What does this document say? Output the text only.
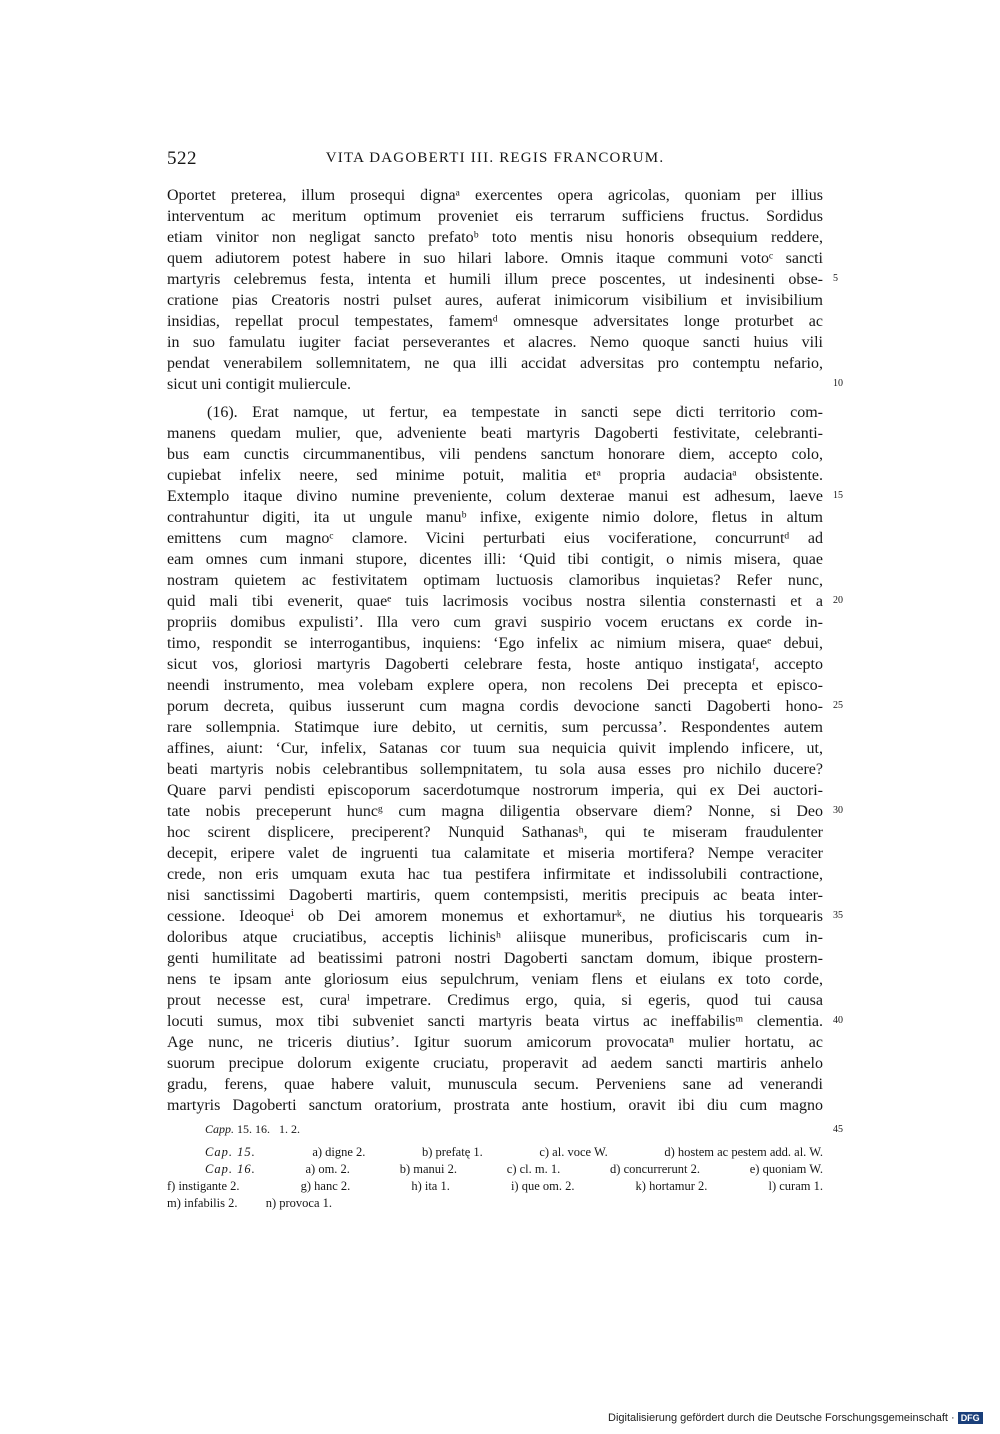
522	VITA DAGOBERTI III. REGIS FRANCORUM.
Oportet preterea, illum prosequi dignaᵃ exercentes opera agricolas, quoniam per illius
interventum ac meritum optimum proveniet eis terrarum sufficiens fructus. Sordidus
etiam vinitor non negligat sancto prefatoᵇ toto mentis nisu honoris obsequium reddere,
quem adiutorem potest habere in suo hilari labore. Omnis itaque communi votoᶜ sancti
martyris celebremus festa, intenta et humili illum prece poscentes, ut indesinenti obse- 5
cratione pias Creatoris nostri pulset aures, auferat inimicorum visibilium et invisibilium
insidias, repellat procul tempestates, famemᵈ omnesque adversitates longe proturbet ac
in suo famulatu iugiter faciat perseverantes et alacres. Nemo quoque sancti huius vili
pendat venerabilem sollemnitatem, ne qua illi accidat adversitas pro contemptu nefario,
sicut uni contigit muliercule.	10
(16). Erat namque, ut fertur, ea tempestate in sancti sepe dicti territorio com-
manens quedam mulier, que, adveniente beati martyris Dagoberti festivitate, celebranti-
bus eam cunctis circummanentibus, vili pendens sanctum honorare diem, accepto colo,
cupiebat infelix neere, sed minime potuit, malitia etᵃ propria audaciaᵃ obsistente.
Extemplo itaque divino numine preveniente, colum dexterae manui est adhesum, laeve 15
contrahuntur digiti, ita ut ungule manuᵇ infixe, exigente nimio dolore, fletus in altum
emittens cum magnoᶜ clamore. Vicini perturbati eius vociferatione, concurruntᵈ ad
eam omnes cum inmani stupore, dicentes illi: ‘Quid tibi contigit, o nimis misera, quae
nostram quietem ac festivitatem optimam luctuosis clamoribus inquietas? Refer nunc,
quid mali tibi evenerit, quaeᵉ tuis lacrimosis vocibus nostra silentia consternasti et a 20
propriis domibus expulisti’. Illa vero cum gravi suspirio vocem eructans ex corde in-
timo, respondit se interrogantibus, inquiens: ‘Ego infelix ac nimium misera, quaeᵉ debui,
sicut vos, gloriosi martyris Dagoberti celebrare festa, hoste antiquo instigataᶠ, accepto
neendi instrumento, mea volebam explere opera, non recolens Dei precepta et episco-
porum decreta, quibus iusserunt cum magna cordis devocione sancti Dagoberti hono- 25
rare sollempnia. Statimque iure debito, ut cernitis, sum percussa’. Respondentes autem
affines, aiunt: ‘Cur, infelix, Satanas cor tuum sua nequicia quivit implendo inficere, ut,
beati martyris nobis celebrantibus sollempnitatem, tu sola ausa esses pro nichilo ducere?
Quare parvi pendisti episcoporum sacerdotumque nostrorum imperia, qui ex Dei auctori-
tate nobis preceperunt huncᵍ cum magna diligentia observare diem? Nonne, si Deo 30
hoc scirent displicere, preciperent? Nunquid Sathanasʰ, qui te miseram fraudulenter
decepit, eripere valet de ingruenti tua calamitate et miseria mortifera? Nempe veraciter
crede, non eris umquam exuta hac tua pestifera infirmitate et indissolubili contractione,
nisi sanctissimi Dagoberti martiris, quem contempsisti, meritis precipuis ac beata inter-
cessione. Ideoqueⁱ ob Dei amorem monemus et exhortamurᵏ, ne diutius his torquearis 35
doloribus atque cruciatibus, acceptis lichinisʰ aliisque muneribus, proficiscaris cum in-
genti humilitate ad beatissimi patroni nostri Dagoberti sanctam domum, ibique prostern-
nens te ipsam ante gloriosum eius sepulchrum, veniam flens et eiulans ex toto corde,
prout necesse est, curaˡ impetrare. Credimus ergo, quia, si egeris, quod tui causa
locuti sumus, mox tibi subveniet sancti martyris beata virtus ac ineffabilisᵐ clementia. 40
Age nunc, ne triceris diutius’. Igitur suorum amicorum provocataⁿ mulier hortatu, ac
suorum precipue dolorum exigente cruciatu, properavit ad aedem sancti martiris anhelo
gradu, ferens, quae habere valuit, munuscula secum. Perveniens sane ad venerandi
martyris Dagoberti sanctum oratorium, prostrata ante hostium, oravit ibi diu cum magno
Capp. 15. 16.   1. 2.	45
Cap. 15.	a) digne 2.	b) prefatę 1.	c) al. voce W.	d) hostem ac pestem add. al. W.
Cap. 16.	a) om. 2.	b) manui 2.	c) cl. m. 1.	d) concurrerunt 2.	e) quoniam W.
f) instigante 2.	g) hanc 2.	h) ita 1.	i) que om. 2.	k) hortamur 2.	l) curam 1.
m) infabilis 2. n) provoca 1.
Digitalisierung gefördert durch die Deutsche Forschungsgemeinschaft · DFG
